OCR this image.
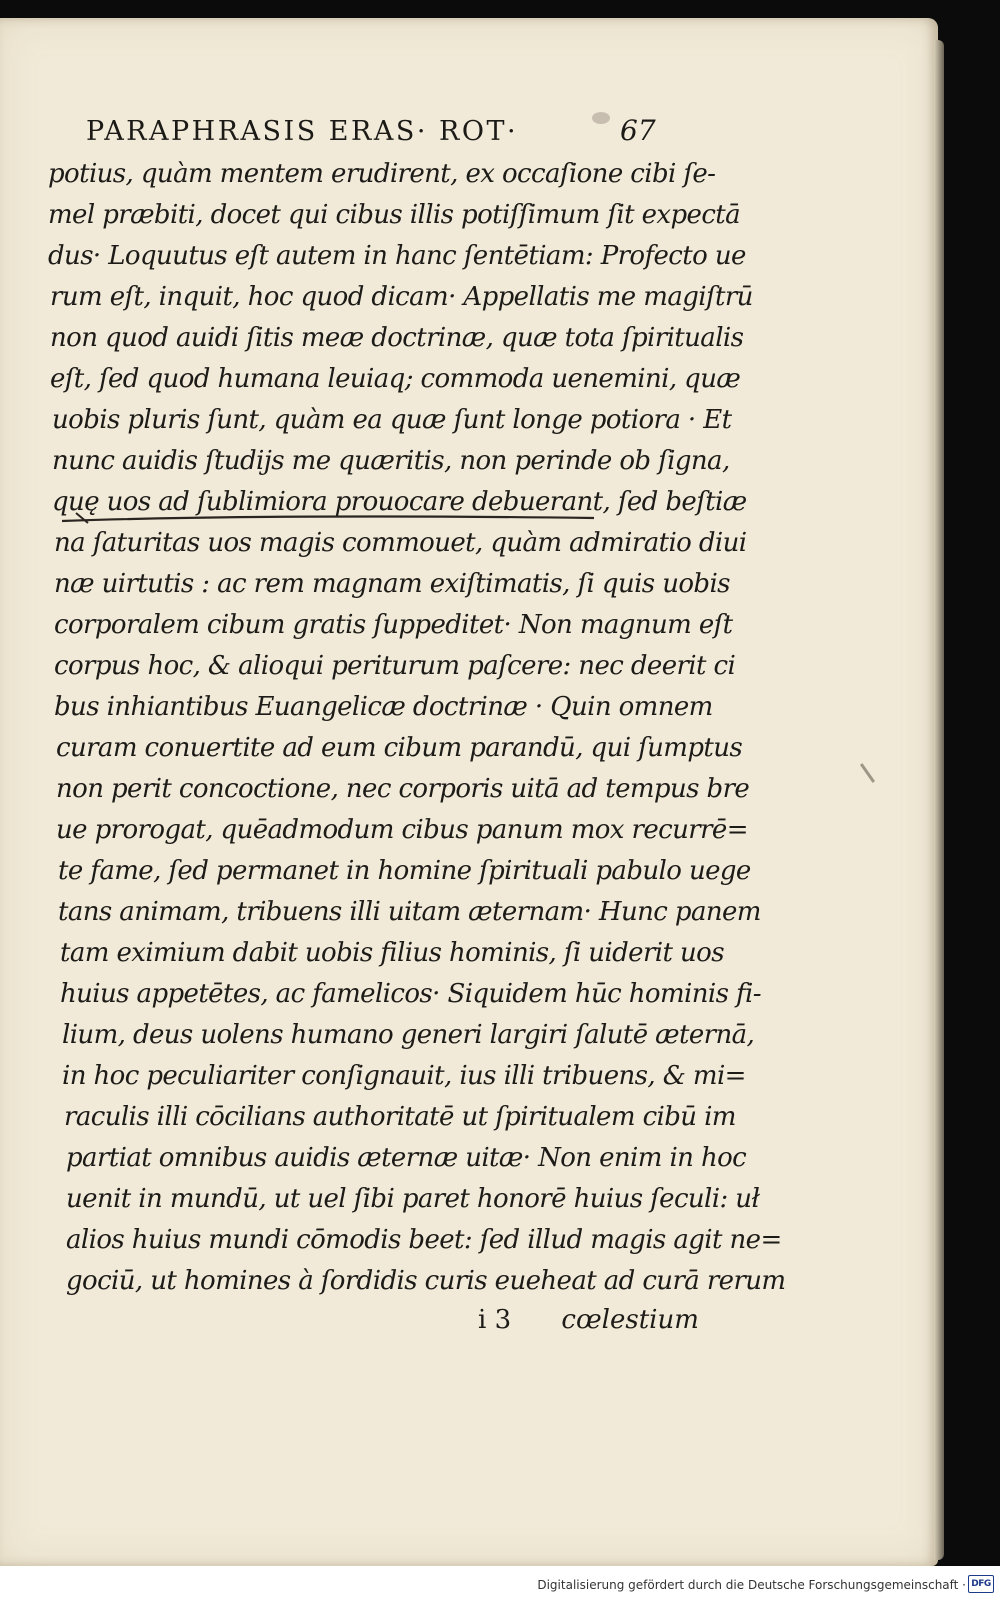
PARAPHRASIS ERAS· ROT·	67
potius, quàm mentem erudirent, ex occaſione cibi ſe-
mel præbiti, docet qui cibus illis potiſſimum ſit expectā
dus· Loquutus eſt autem in hanc ſentētiam: Profecto ue
rum eſt, inquit, hoc quod dicam· Appellatis me magiſtrū
non quod auidi ſitis meæ doctrinæ, quæ tota ſpiritualis
eſt, ſed quod humana leuiaq; commoda uenemini, quæ
uobis pluris ſunt, quàm ea quæ ſunt longe potiora · Et
nunc auidis ſtudijs me quæritis, non perinde ob ſigna,
quę uos ad ſublimiora prouocare debuerant, ſed beſtiæ
na ſaturitas uos magis commouet, quàm admiratio diui
næ uirtutis : ac rem magnam exiſtimatis, ſi quis uobis
corporalem cibum gratis ſuppeditet· Non magnum eſt
corpus hoc, & alioqui periturum paſcere: nec deerit ci
bus inhiantibus Euangelicæ doctrinæ · Quin omnem
curam conuertite ad eum cibum parandū, qui ſumptus
non perit concoctione, nec corporis uitā ad tempus bre
ue prorogat, quēadmodum cibus panum mox recurrē=
te fame, ſed permanet in homine ſpirituali pabulo uege
tans animam, tribuens illi uitam æternam· Hunc panem
tam eximium dabit uobis filius hominis, ſi uiderit uos
huius appetētes, ac famelicos· Siquidem hūc hominis fi-
lium, deus uolens humano generi largiri ſalutē æternā,
in hoc peculiariter conſignauit, ius illi tribuens, & mi=
raculis illi cōcilians authoritatē ut ſpiritualem cibū im
partiat omnibus auidis æternæ uitæ· Non enim in hoc
uenit in mundū, ut uel ſibi paret honorē huius ſeculi: uł
alios huius mundi cōmodis beet: ſed illud magis agit ne=
gociū, ut homines à ſordidis curis eueheat ad curā rerum
i 3 cœlestium
Digitalisierung gefördert durch die Deutsche Forschungsgemeinschaft · DFG
